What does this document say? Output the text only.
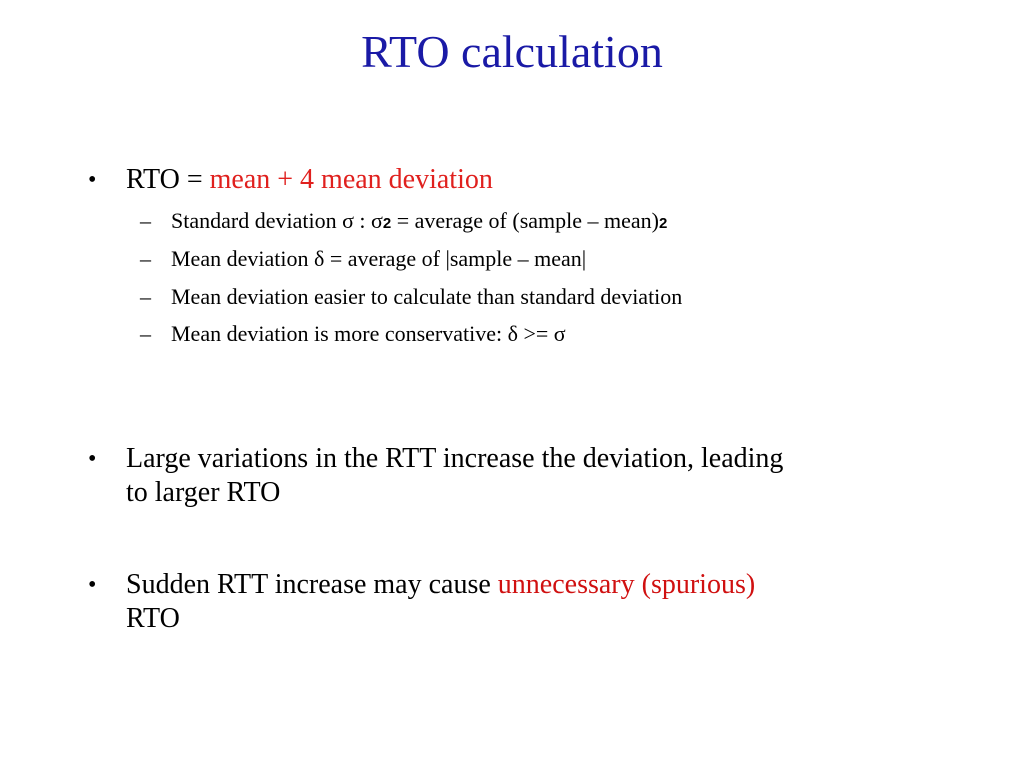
RTO calculation
•	RTO = mean + 4 mean deviation
– Standard deviation σ : σ2 = average of (sample – mean)2
– Mean deviation δ = average of |sample – mean|
– Mean deviation easier to calculate than standard deviation
– Mean deviation is more conservative: δ >= σ
•	Large variations in the RTT increase the deviation, leading
to larger RTO
•	Sudden RTT increase may cause unnecessary (spurious)
RTO
